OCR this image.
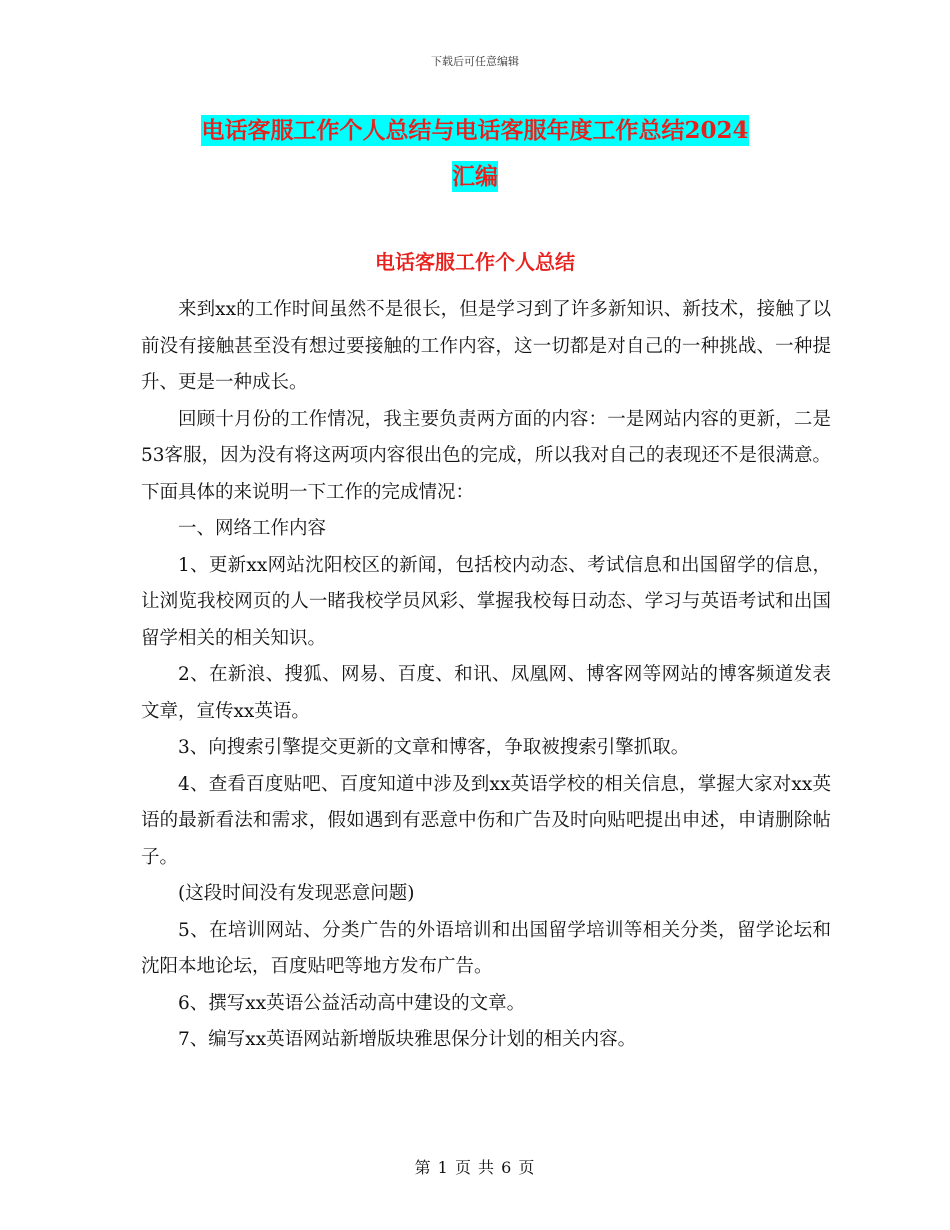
下载后可任意编辑
电话客服工作个人总结与电话客服年度工作总结2024
汇编
电话客服工作个人总结

来到xx的工作时间虽然不是很长，但是学习到了许多新知识、新技术，接触了以前没有接触甚至没有想过要接触的工作内容，这一切都是对自己的一种挑战、一种提升、更是一种成长。

回顾十月份的工作情况，我主要负责两方面的内容：一是网站内容的更新，二是53客服，因为没有将这两项内容很出色的完成，所以我对自己的表现还不是很满意。下面具体的来说明一下工作的完成情况：

一、网络工作内容

1、更新xx网站沈阳校区的新闻，包括校内动态、考试信息和出国留学的信息，让浏览我校网页的人一睹我校学员风彩、掌握我校每日动态、学习与英语考试和出国留学相关的相关知识。

2、在新浪、搜狐、网易、百度、和讯、凤凰网、博客网等网站的博客频道发表文章，宣传xx英语。

3、向搜索引擎提交更新的文章和博客，争取被搜索引擎抓取。

4、查看百度贴吧、百度知道中涉及到xx英语学校的相关信息，掌握大家对xx英语的最新看法和需求，假如遇到有恶意中伤和广告及时向贴吧提出申述，申请删除帖子。

(这段时间没有发现恶意问题)

5、在培训网站、分类广告的外语培训和出国留学培训等相关分类，留学论坛和沈阳本地论坛，百度贴吧等地方发布广告。

6、撰写xx英语公益活动高中建设的文章。

7、编写xx英语网站新增版块雅思保分计划的相关内容。

第 1 页 共 6 页
